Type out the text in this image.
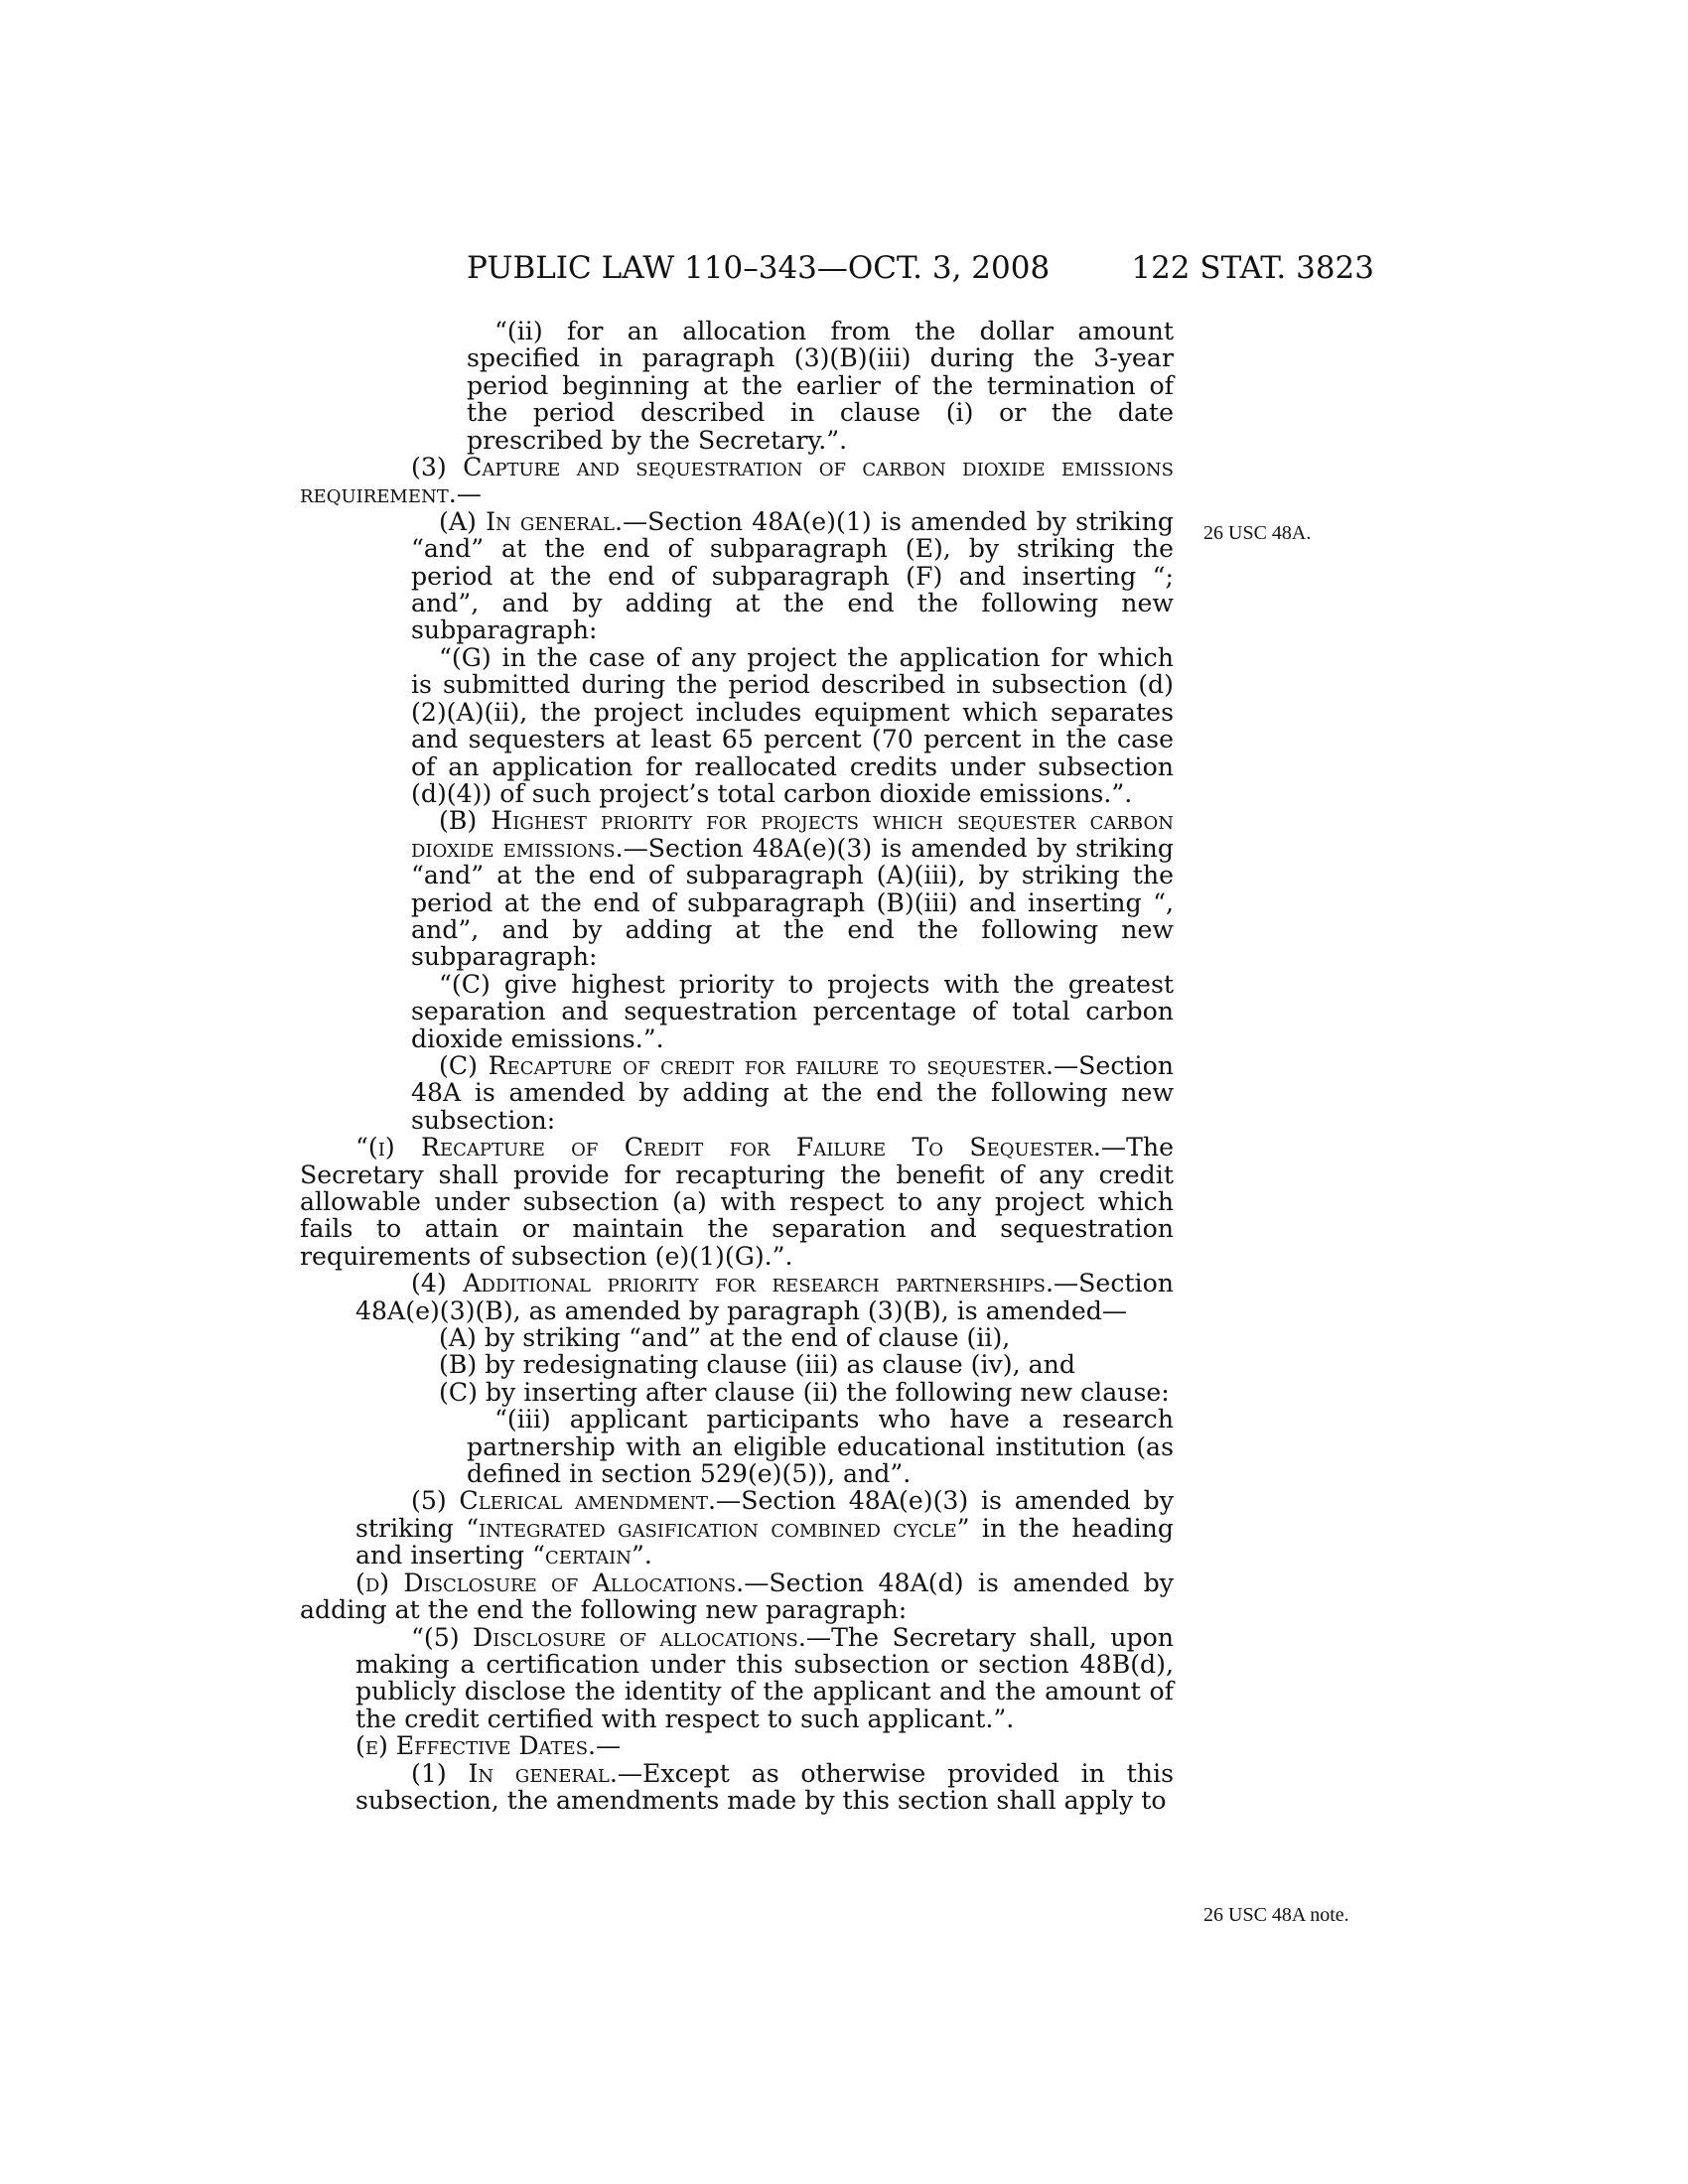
PUBLIC LAW 110–343—OCT. 3, 2008	122 STAT. 3823
26 USC 48A.
26 USC 48A note.

“(ii) for an allocation from the dollar amount specified in paragraph (3)(B)(iii) during the 3-year period beginning at the earlier of the termination of the period described in clause (i) or the date prescribed by the Secretary.”.

(3) Capture and sequestration of carbon dioxide emissions requirement.—

(A) In general.—Section 48A(e)(1) is amended by striking “and” at the end of subparagraph (E), by striking the period at the end of subparagraph (F) and inserting “; and”, and by adding at the end the following new subparagraph:

“(G) in the case of any project the application for which is submitted during the period described in subsection (d)(2)(A)(ii), the project includes equipment which separates and sequesters at least 65 percent (70 percent in the case of an application for reallocated credits under subsection (d)(4)) of such project’s total carbon dioxide emissions.”.

(B) Highest priority for projects which sequester carbon dioxide emissions.—Section 48A(e)(3) is amended by striking “and” at the end of subparagraph (A)(iii), by striking the period at the end of subparagraph (B)(iii) and inserting “, and”, and by adding at the end the following new subparagraph:

“(C) give highest priority to projects with the greatest separation and sequestration percentage of total carbon dioxide emissions.”.

(C) Recapture of credit for failure to sequester.—Section 48A is amended by adding at the end the following new subsection:

“(i) Recapture of Credit for Failure To Sequester.—The Secretary shall provide for recapturing the benefit of any credit allowable under subsection (a) with respect to any project which fails to attain or maintain the separation and sequestration requirements of subsection (e)(1)(G).”.

(4) Additional priority for research partnerships.—Section 48A(e)(3)(B), as amended by paragraph (3)(B), is amended—

(A) by striking “and” at the end of clause (ii),

(B) by redesignating clause (iii) as clause (iv), and

(C) by inserting after clause (ii) the following new clause:

“(iii) applicant participants who have a research partnership with an eligible educational institution (as defined in section 529(e)(5)), and”.

(5) Clerical amendment.—Section 48A(e)(3) is amended by striking “integrated gasification combined cycle” in the heading and inserting “certain”.

(d) Disclosure of Allocations.—Section 48A(d) is amended by adding at the end the following new paragraph:

“(5) Disclosure of allocations.—The Secretary shall, upon making a certification under this subsection or section 48B(d), publicly disclose the identity of the applicant and the amount of the credit certified with respect to such applicant.”.

(e) Effective Dates.—

(1) In general.—Except as otherwise provided in this subsection, the amendments made by this section shall apply to
